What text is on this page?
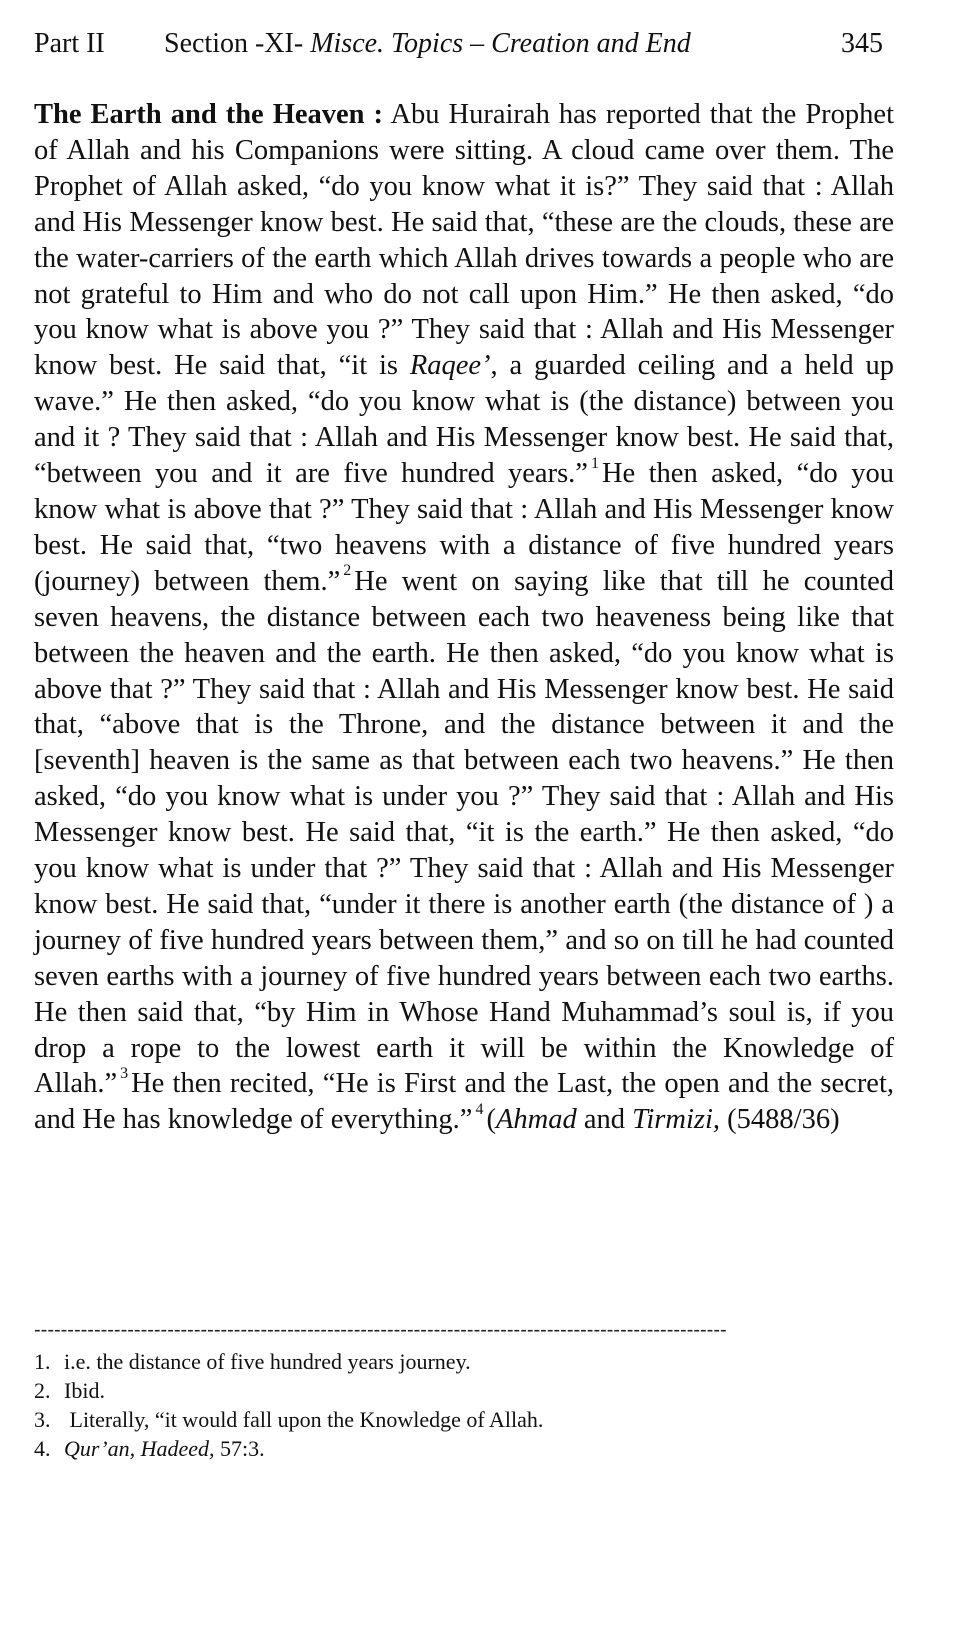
Part II Section -XI- Misce. Topics – Creation and End	345

The Earth and the Heaven : Abu Hurairah has reported that the Prophet of Allah and his Companions were sitting. A cloud came over them. The Prophet of Allah asked, “do you know what it is?” They said that : Allah and His Messenger know best. He said that, “these are the clouds, these are the water-carriers of the earth which Allah drives towards a people who are not grateful to Him and who do not call upon Him.” He then asked, “do you know what is above you ?” They said that : Allah and His Messenger know best. He said that, “it is Raqee’, a guarded ceiling and a held up wave.” He then asked, “do you know what is (the distance) between you and it ? They said that : Allah and His Messenger know best. He said that, “between you and it are five hundred years.” $^1$ He then asked, “do you know what is above that ?” They said that : Allah and His Messenger know best. He said that, “two heavens with a distance of five hundred years (journey) between them.” $^2$ He went on saying like that till he counted seven heavens, the distance between each two heaveness being like that between the heaven and the earth. He then asked, “do you know what is above that ?” They said that : Allah and His Messenger know best. He said that, “above that is the Throne, and the distance between it and the [seventh] heaven is the same as that between each two heavens.” He then asked, “do you know what is under you ?” They said that : Allah and His Messenger know best. He said that, “it is the earth.” He then asked, “do you know what is under that ?” They said that : Allah and His Messenger know best. He said that, “under it there is another earth (the distance of ) a journey of five hundred years between them,” and so on till he had counted seven earths with a journey of five hundred years between each two earths. He then said that, “by Him in Whose Hand Muhammad’s soul is, if you drop a rope to the lowest earth it will be within the Knowledge of Allah.” $^3$ He then recited, “He is First and the Last, the open and the secret, and He has knowledge of everything.” $^4$ (Ahmad and Tirmizi, (5488/36)

--------------------------------------------------------------------------------------------------------
1. i.e. the distance of five hundred years journey.
2. Ibid.
3. Literally, “it would fall upon the Knowledge of Allah.
4. Qur’an, Hadeed, 57:3.
